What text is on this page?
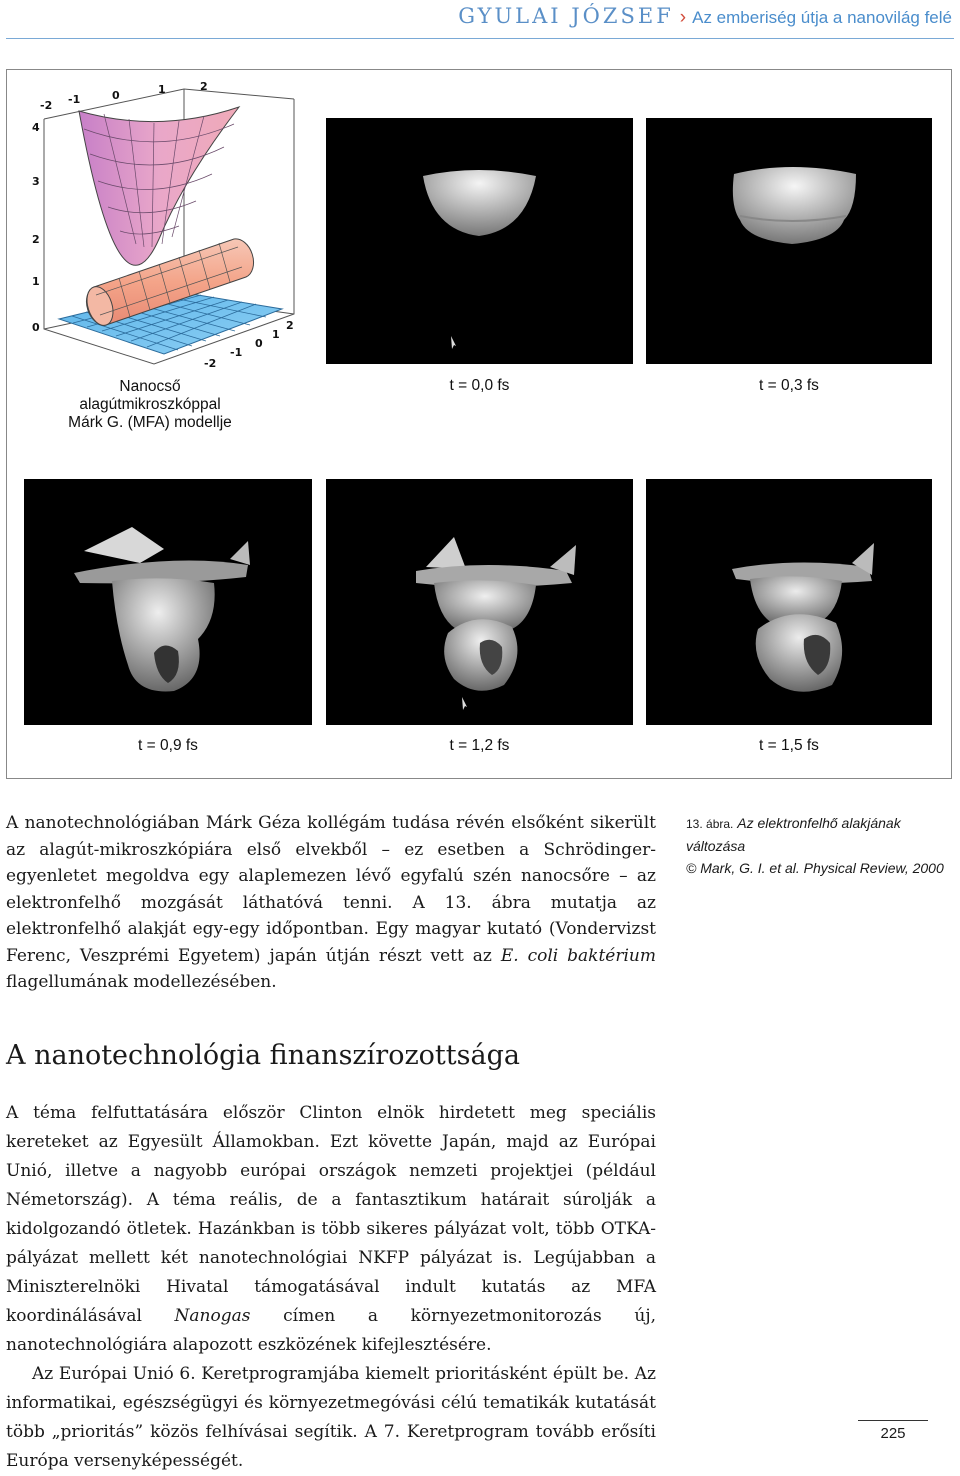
GYULAI JÓZSEF › Az emberiség útja a nanovilág felé
4
3
2
1
0
-2 -1	0	1	2
-2
-1
0
1
2
Nanocső
alagútmikroszkóppal
Márk G. (MFA) modellje
t = 0,0 fs	t = 0,3 fs
t = 0,9 fs	t = 1,2 fs	t = 1,5 fs

A nanotechnológiában Márk Géza kollégám tudása révén elsőként sikerült az alagút-mikroszkópiára első elvekből – ez esetben a Schrödinger-egyenletet megoldva egy alaplemezen lévő egyfalú szén nanocsőre – az elektronfelhő mozgását láthatóvá tenni. A 13. ábra mutatja az elektronfelhő alakját egy-egy időpontban. Egy magyar kutató (Vondervizst Ferenc, Veszprémi Egyetem) japán útján részt vett az E. coli baktérium flagellumának modellezésében.

13. ábra. Az elektronfelhő alakjának változása
© Mark, G. I. et al. Physical Review, 2000
A nanotechnológia finanszírozottsága

A téma felfuttatására először Clinton elnök hirdetett meg speciális kereteket az Egyesült Államokban. Ezt követte Japán, majd az Európai Unió, illetve a nagyobb európai országok nemzeti projektjei (például Németország). A téma reális, de a fantasztikum határait súrolják a kidolgozandó ötletek. Hazánkban is több sikeres pályázat volt, több OTKA-pályázat mellett két nanotechnológiai NKFP pályázat is. Legújabban a Miniszterelnöki Hivatal támogatásával indult kutatás az MFA koordinálásával Nanogas címen a környezetmonitorozás új, nanotechnológiára alapozott eszközének kifejlesztésére.

Az Európai Unió 6. Keretprogramjába kiemelt prioritásként épült be. Az informatikai, egészségügyi és környezetmegóvási célú tematikák kutatását több „prioritás” közös felhívásai segítik. A 7. Keretprogram tovább erősíti Európa versenyképességét.

225
